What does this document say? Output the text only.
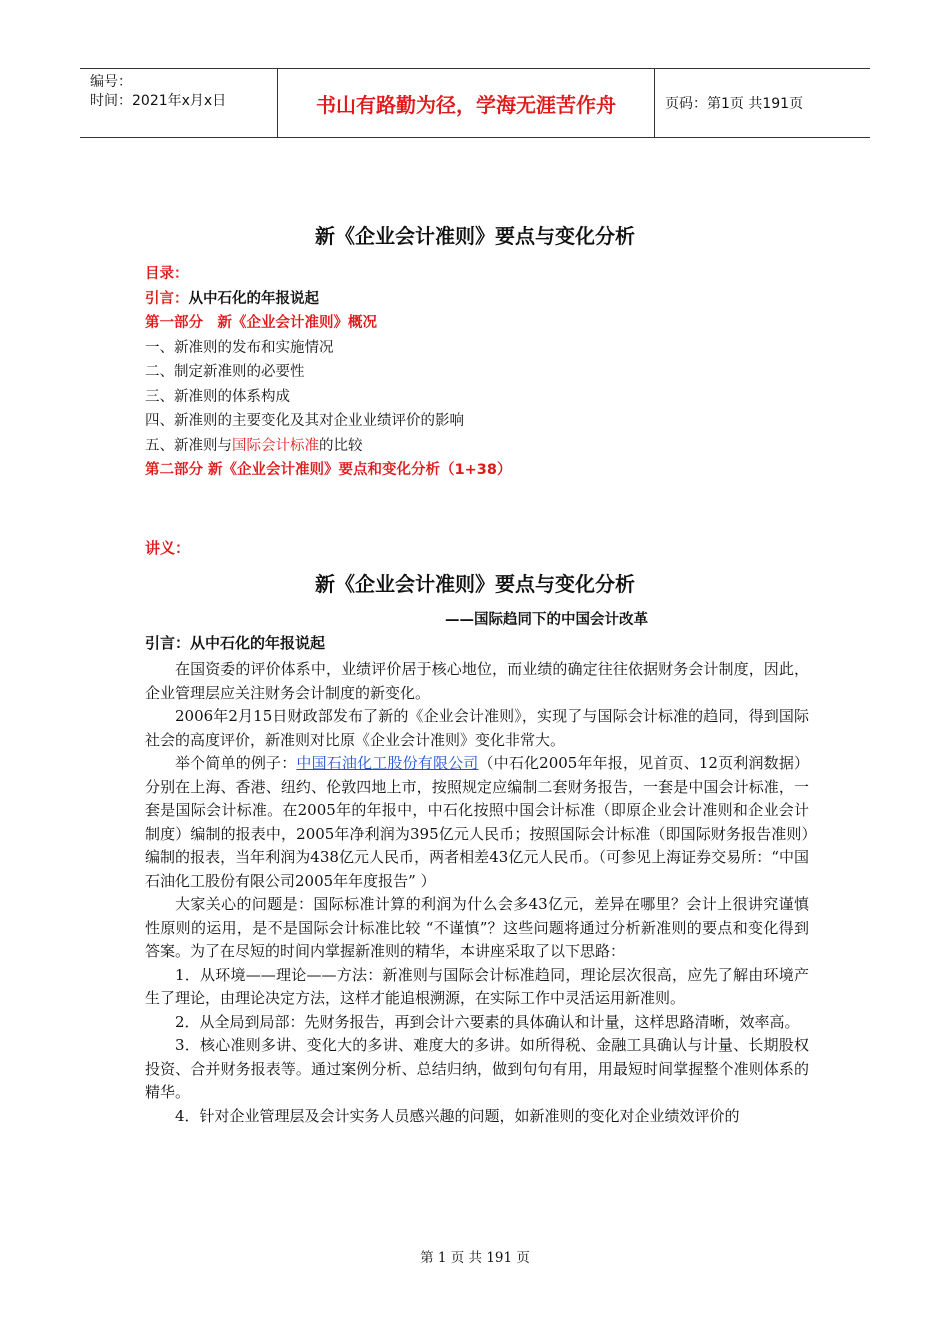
编号：
时间：2021年x月x日	书山有路勤为径，学海无涯苦作舟	页码：第1页 共191页
新《企业会计准则》要点与变化分析
目录：
引言：从中石化的年报说起
第一部分　新《企业会计准则》概况
一、新准则的发布和实施情况
二、制定新准则的必要性
三、新准则的体系构成
四、新准则的主要变化及其对企业业绩评价的影响
五、新准则与国际会计标准的比较
第二部分 新《企业会计准则》要点和变化分析（1+38）
讲义：
新《企业会计准则》要点与变化分析
——国际趋同下的中国会计改革
引言：从中石化的年报说起

在国资委的评价体系中，业绩评价居于核心地位，而业绩的确定往往依据财务会计制度，因此，企业管理层应关注财务会计制度的新变化。

2006年2月15日财政部发布了新的《企业会计准则》，实现了与国际会计标准的趋同，得到国际社会的高度评价，新准则对比原《企业会计准则》变化非常大。

举个简单的例子：中国石油化工股份有限公司（中石化2005年年报，见首页、12页利润数据）分别在上海、香港、纽约、伦敦四地上市，按照规定应编制二套财务报告，一套是中国会计标准，一套是国际会计标准。在2005年的年报中，中石化按照中国会计标准（即原企业会计准则和企业会计制度）编制的报表中，2005年净利润为395亿元人民币；按照国际会计标准（即国际财务报告准则）编制的报表，当年利润为438亿元人民币，两者相差43亿元人民币。（可参见上海证券交易所：“中国石油化工股份有限公司2005年年度报告” ）

大家关心的问题是：国际标准计算的利润为什么会多43亿元，差异在哪里？会计上很讲究谨慎性原则的运用，是不是国际会计标准比较 “不谨慎”？这些问题将通过分析新准则的要点和变化得到答案。为了在尽短的时间内掌握新准则的精华，本讲座采取了以下思路：

1．从环境——理论——方法：新准则与国际会计标准趋同，理论层次很高，应先了解由环境产生了理论，由理论决定方法，这样才能追根溯源，在实际工作中灵活运用新准则。

2．从全局到局部：先财务报告，再到会计六要素的具体确认和计量，这样思路清晰，效率高。

3．核心准则多讲、变化大的多讲、难度大的多讲。如所得税、金融工具确认与计量、长期股权投资、合并财务报表等。通过案例分析、总结归纳，做到句句有用，用最短时间掌握整个准则体系的精华。

4．针对企业管理层及会计实务人员感兴趣的问题，如新准则的变化对企业绩效评价的

第 1 页 共 191 页
